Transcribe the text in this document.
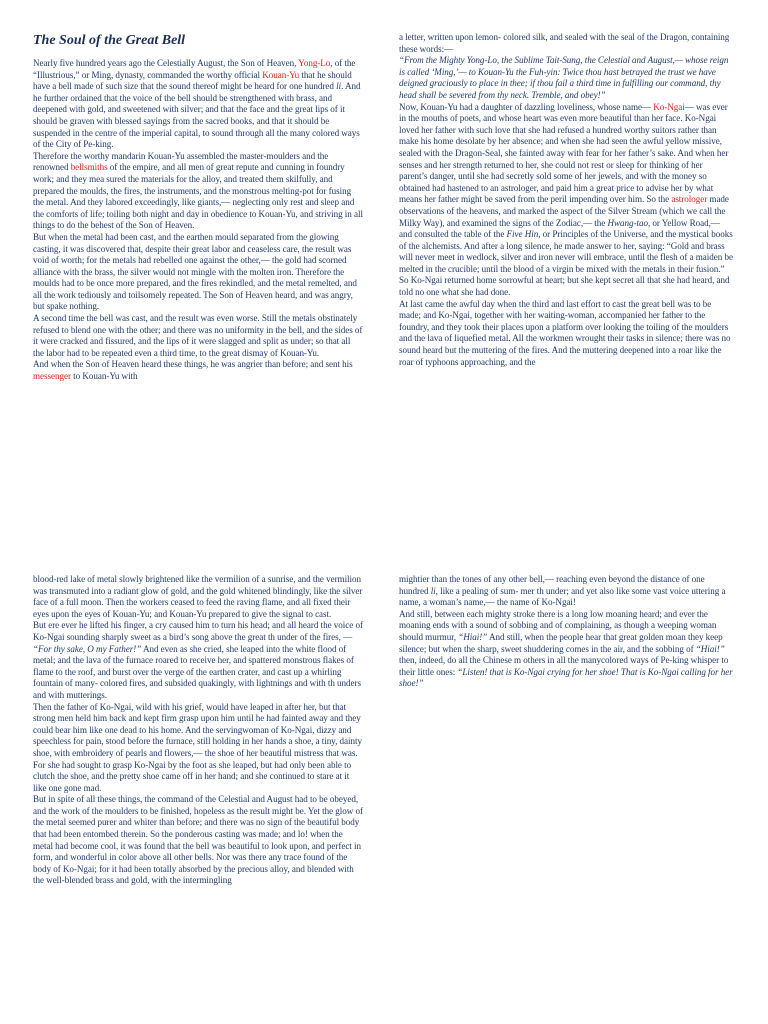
The Soul of the Great Bell

Nearly five hundred years ago the Celestially August, the Son of Heaven, Yong-Lo, of the “Illustrious,” or Ming, dynasty, commanded the worthy official Kouan-Yu that he should have a bell made of such size that the sound thereof might be heard for one hundred li. And he further ordained that the voice of the bell should be strengthened with brass, and deepened with gold, and sweetened with silver; and that the face and the great lips of it should be graven with blessed sayings from the sacred books, and that it should be suspended in the centre of the imperial capital, to sound through all the many colored ways of the City of Pe-king.

Therefore the worthy mandarin Kouan-Yu assembled the master-moulders and the renowned bellsmiths of the empire, and all men of great repute and cunning in foundry work; and they mea sured the materials for the alloy, and treated them skilfully, and prepared the moulds, the fires, the instruments, and the monstrous melting-pot for fusing the metal. And they labored exceedingly, like giants,— neglecting only rest and sleep and the comforts of life; toiling both night and day in obedience to Kouan-Yu, and striving in all things to do the behest of the Son of Heaven.

But when the metal had been cast, and the earthen mould separated from the glowing casting, it was discovered that, despite their great labor and ceaseless care, the result was void of worth; for the metals had rebelled one against the other,— the gold had scorned alliance with the brass, the silver would not mingle with the molten iron. Therefore the moulds had to be once more prepared, and the fires rekindled, and the metal remelted, and all the work tediously and toilsomely repeated. The Son of Heaven heard, and was angry, but spake nothing.

A second time the bell was cast, and the result was even worse. Still the metals obstinately refused to blend one with the other; and there was no uniformity in the bell, and the sides of it were cracked and fissured, and the lips of it were slagged and split as under; so that all the labor had to be repeated even a third time, to the great dismay of Kouan-Yu.

And when the Son of Heaven heard these things, he was angrier than before; and sent his messenger to Kouan-Yu with

a letter, written upon lemon- colored silk, and sealed with the seal of the Dragon, containing these words:—

“From the Mighty Yong-Lo, the Sublime Tait-Sung, the Celestial and August,— whose reign is called ‘Ming,’— to Kouan-Yu the Fuh-yin: Twice thou hast betrayed the trust we have deigned graciously to place in thee; if thou fail a third time in fulfilling our command, thy head shall be severed from thy neck. Tremble, and obey!”

Now, Kouan-Yu had a daughter of dazzling loveliness, whose name— Ko-Ngai— was ever in the mouths of poets, and whose heart was even more beautiful than her face. Ko-Ngai loved her father with such love that she had refused a hundred worthy suitors rather than make his home desolate by her absence; and when she had seen the awful yellow missive, sealed with the Dragon-Seal, she fainted away with fear for her father’s sake. And when her senses and her strength returned to her, she could not rest or sleep for thinking of her parent’s danger, until she had secretly sold some of her jewels, and with the money so obtained had hastened to an astrologer, and paid him a great price to advise her by what means her father might be saved from the peril impending over him. So the astrologer made observations of the heavens, and marked the aspect of the Silver Stream (which we call the Milky Way), and examined the signs of the Zodiac,— the Hwang-tao, or Yellow Road,— and consulted the table of the Five Hin, or Principles of the Universe, and the mystical books of the alchemists. And after a long silence, he made answer to her, saying: “Gold and brass will never meet in wedlock, silver and iron never will embrace, until the flesh of a maiden be melted in the crucible; until the blood of a virgin be mixed with the metals in their fusion.” So Ko-Ngai returned home sorrowful at heart; but she kept secret all that she had heard, and told no one what she had done.

At last came the awful day when the third and last effort to cast the great bell was to be made; and Ko-Ngai, together with her waiting-woman, accompanied her father to the foundry, and they took their places upon a platform over looking the toiling of the moulders and the lava of liquefied metal. All the workmen wrought their tasks in silence; there was no sound heard but the muttering of the fires. And the muttering deepened into a roar like the roar of typhoons approaching, and the

blood-red lake of metal slowly brightened like the vermilion of a sunrise, and the vermilion was transmuted into a radiant glow of gold, and the gold whitened blindingly, like the silver face of a full moon. Then the workers ceased to feed the raving flame, and all fixed their eyes upon the eyes of Kouan-Yu; and Kouan-Yu prepared to give the signal to cast.
But ere ever he lifted his finger, a cry caused him to turn his head; and all heard the voice of Ko-Ngai sounding sharply sweet as a bird’s song above the great th under of the fires, — “For thy sake, O my Father!” And even as she cried, she leaped into the white flood of metal; and the lava of the furnace roared to receive her, and spattered monstrous flakes of flame to the roof, and burst over the verge of the earthen crater, and cast up a whirling fountain of many- colored fires, and subsided quakingly, with lightnings and with th unders and with mutterings.

Then the father of Ko-Ngai, wild with his grief, would have leaped in after her, but that strong men held him back and kept firm grasp upon him until he had fainted away and they could bear him like one dead to his home. And the servingwoman of Ko-Ngai, dizzy and speechless for pain, stood before the furnace, still holding in her hands a shoe, a tiny, dainty shoe, with embroidery of pearls and flowers,— the shoe of her beautiful mistress that was. For she had sought to grasp Ko-Ngai by the foot as she leaped, but had only been able to clutch the shoe, and the pretty shoe came off in her hand; and she continued to stare at it like one gone mad.

But in spite of all these things, the command of the Celestial and August had to be obeyed, and the work of the moulders to be finished, hopeless as the result might be. Yet the glow of the metal seemed purer and whiter than before; and there was no sign of the beautiful body that had been entombed therein. So the ponderous casting was made; and lo! when the metal had become cool, it was found that the bell was beautiful to look upon, and perfect in form, and wonderful in color above all other bells. Nor was there any trace found of the body of Ko-Ngai; for it had been totally absorbed by the precious alloy, and blended with the well-blended brass and gold, with the intermingling

mightier than the tones of any other bell,— reaching even beyond the distance of one hundred li, like a pealing of sum- mer th under; and yet also like some vast voice uttering a name, a woman’s name,— the name of Ko-Ngai!

And still, between each mighty stroke there is a long low moaning heard; and ever the moaning ends with a sound of sobbing and of complaining, as though a weeping woman should murmur, “Hiai!” And still, when the people hear that great golden moan they keep silence; but when the sharp, sweet shuddering comes in the air, and the sobbing of “Hiai!” then, indeed, do all the Chinese m others in all the manycolored ways of Pe-king whisper to their little ones: “Listen! that is Ko-Ngai crying for her shoe! That is Ko-Ngai calling for her shoe!”
